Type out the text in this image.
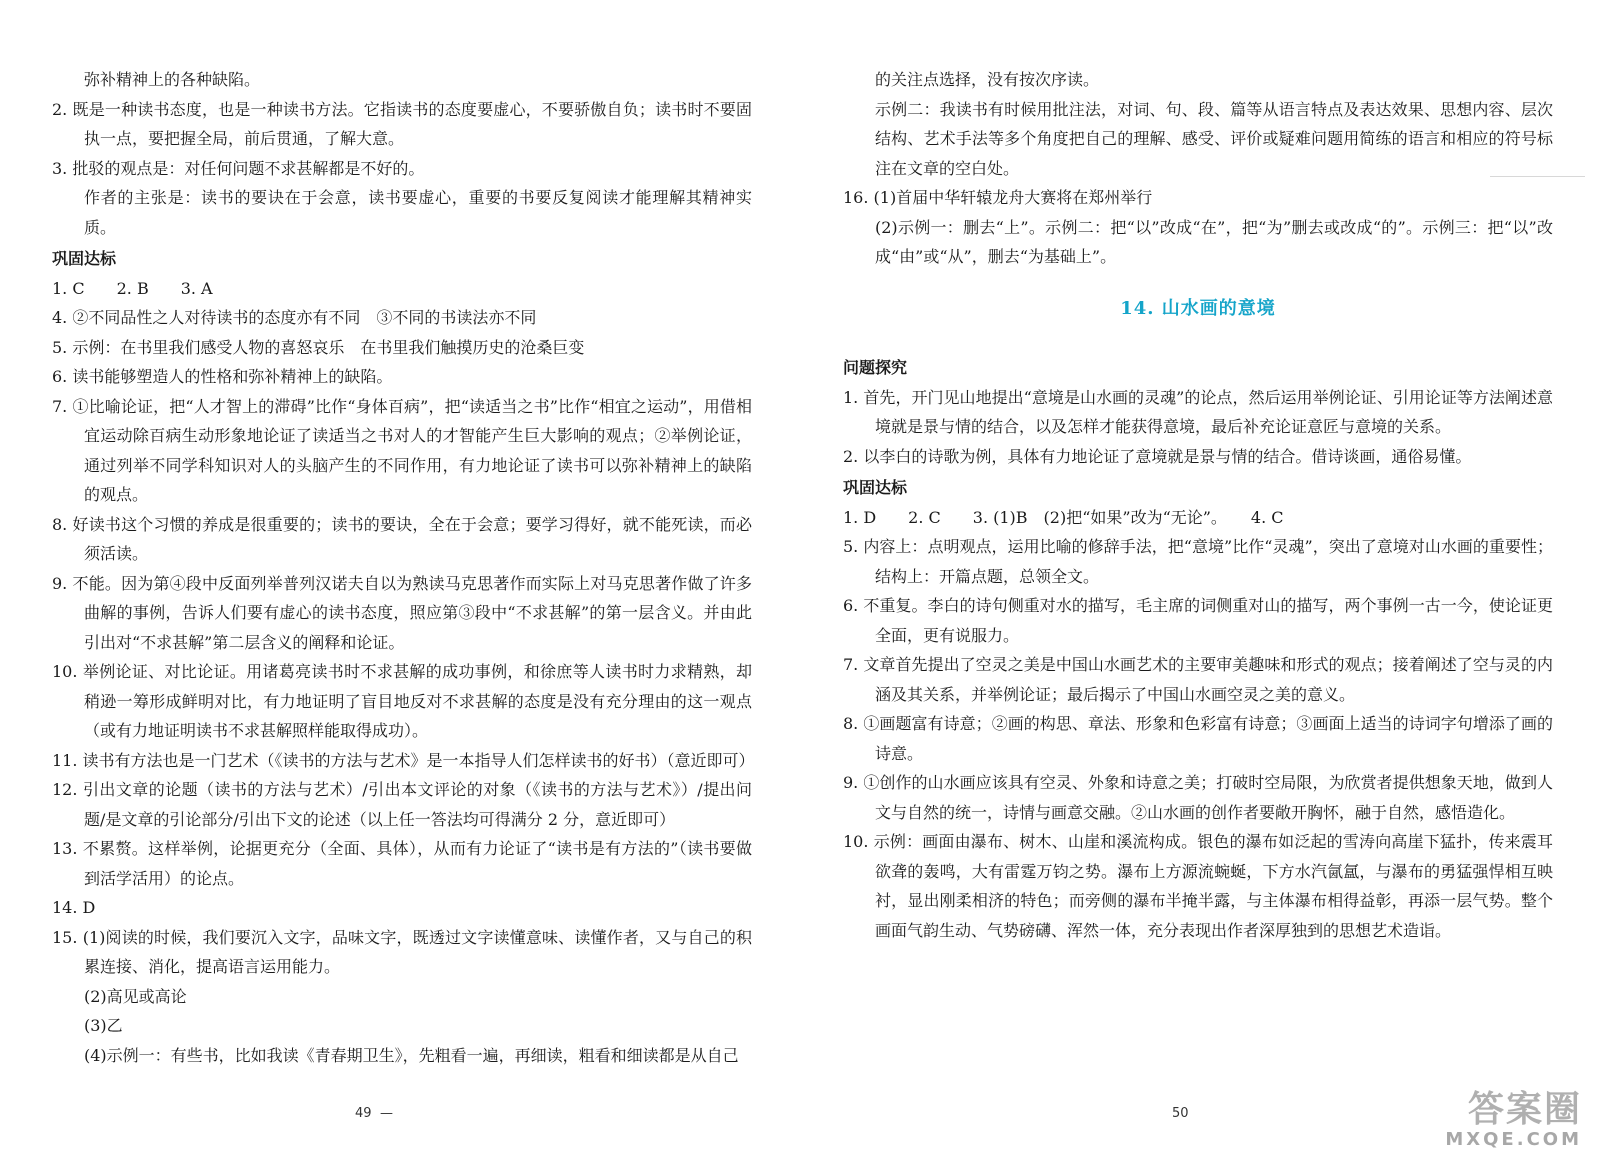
弥补精神上的各种缺陷。

2. 既是一种读书态度，也是一种读书方法。它指读书的态度要虚心，不要骄傲自负；读书时不要固执一点，要把握全局，前后贯通，了解大意。

3. 批驳的观点是：对任何问题不求甚解都是不好的。

作者的主张是：读书的要诀在于会意，读书要虚心，重要的书要反复阅读才能理解其精神实质。

巩固达标

1. C　　2. B　　3. A

4. ②不同品性之人对待读书的态度亦有不同　③不同的书读法亦不同

5. 示例：在书里我们感受人物的喜怒哀乐　在书里我们触摸历史的沧桑巨变

6. 读书能够塑造人的性格和弥补精神上的缺陷。

7. ①比喻论证，把“人才智上的滞碍”比作“身体百病”，把“读适当之书”比作“相宜之运动”，用借相宜运动除百病生动形象地论证了读适当之书对人的才智能产生巨大影响的观点；②举例论证，通过列举不同学科知识对人的头脑产生的不同作用，有力地论证了读书可以弥补精神上的缺陷的观点。

8. 好读书这个习惯的养成是很重要的；读书的要诀，全在于会意；要学习得好，就不能死读，而必须活读。

9. 不能。因为第④段中反面列举普列汉诺夫自以为熟读马克思著作而实际上对马克思著作做了许多曲解的事例，告诉人们要有虚心的读书态度，照应第③段中“不求甚解”的第一层含义。并由此引出对“不求甚解”第二层含义的阐释和论证。

10. 举例论证、对比论证。用诸葛亮读书时不求甚解的成功事例，和徐庶等人读书时力求精熟，却稍逊一筹形成鲜明对比，有力地证明了盲目地反对不求甚解的态度是没有充分理由的这一观点（或有力地证明读书不求甚解照样能取得成功）。

11. 读书有方法也是一门艺术（《读书的方法与艺术》是一本指导人们怎样读书的好书）（意近即可）

12. 引出文章的论题（读书的方法与艺术）/引出本文评论的对象（《读书的方法与艺术》）/提出问题/是文章的引论部分/引出下文的论述（以上任一答法均可得满分 2 分，意近即可）

13. 不累赘。这样举例，论据更充分（全面、具体），从而有力论证了“读书是有方法的”（读书要做到活学活用）的论点。

14. D

15. (1)阅读的时候，我们要沉入文字，品味文字，既透过文字读懂意味、读懂作者，又与自己的积累连接、消化，提高语言运用能力。

(2)高见或高论

(3)乙

(4)示例一：有些书，比如我读《青春期卫生》，先粗看一遍，再细读，粗看和细读都是从自己

49 —

的关注点选择，没有按次序读。

示例二：我读书有时候用批注法，对词、句、段、篇等从语言特点及表达效果、思想内容、层次结构、艺术手法等多个角度把自己的理解、感受、评价或疑难问题用简练的语言和相应的符号标注在文章的空白处。

16. (1)首届中华轩辕龙舟大赛将在郑州举行

(2)示例一：删去“上”。示例二：把“以”改成“在”，把“为”删去或改成“的”。示例三：把“以”改成“由”或“从”，删去“为基础上”。

14. 山水画的意境

问题探究

1. 首先，开门见山地提出“意境是山水画的灵魂”的论点，然后运用举例论证、引用论证等方法阐述意境就是景与情的结合，以及怎样才能获得意境，最后补充论证意匠与意境的关系。

2. 以李白的诗歌为例，具体有力地论证了意境就是景与情的结合。借诗谈画，通俗易懂。

巩固达标

1. D　　2. C　　3. (1)B　(2)把“如果”改为“无论”。　　4. C

5. 内容上：点明观点，运用比喻的修辞手法，把“意境”比作“灵魂”，突出了意境对山水画的重要性；结构上：开篇点题，总领全文。

6. 不重复。李白的诗句侧重对水的描写，毛主席的词侧重对山的描写，两个事例一古一今，使论证更全面，更有说服力。

7. 文章首先提出了空灵之美是中国山水画艺术的主要审美趣味和形式的观点；接着阐述了空与灵的内涵及其关系，并举例论证；最后揭示了中国山水画空灵之美的意义。

8. ①画题富有诗意；②画的构思、章法、形象和色彩富有诗意；③画面上适当的诗词字句增添了画的诗意。

9. ①创作的山水画应该具有空灵、外象和诗意之美；打破时空局限，为欣赏者提供想象天地，做到人文与自然的统一，诗情与画意交融。②山水画的创作者要敞开胸怀，融于自然，感悟造化。

10. 示例：画面由瀑布、树木、山崖和溪流构成。银色的瀑布如泛起的雪涛向高崖下猛扑，传来震耳欲聋的轰鸣，大有雷霆万钧之势。瀑布上方源流蜿蜒，下方水汽氤氲，与瀑布的勇猛强悍相互映衬，显出刚柔相济的特色；而旁侧的瀑布半掩半露，与主体瀑布相得益彰，再添一层气势。整个画面气韵生动、气势磅礴、浑然一体，充分表现出作者深厚独到的思想艺术造诣。

50	答案圈
MXQE.COM
